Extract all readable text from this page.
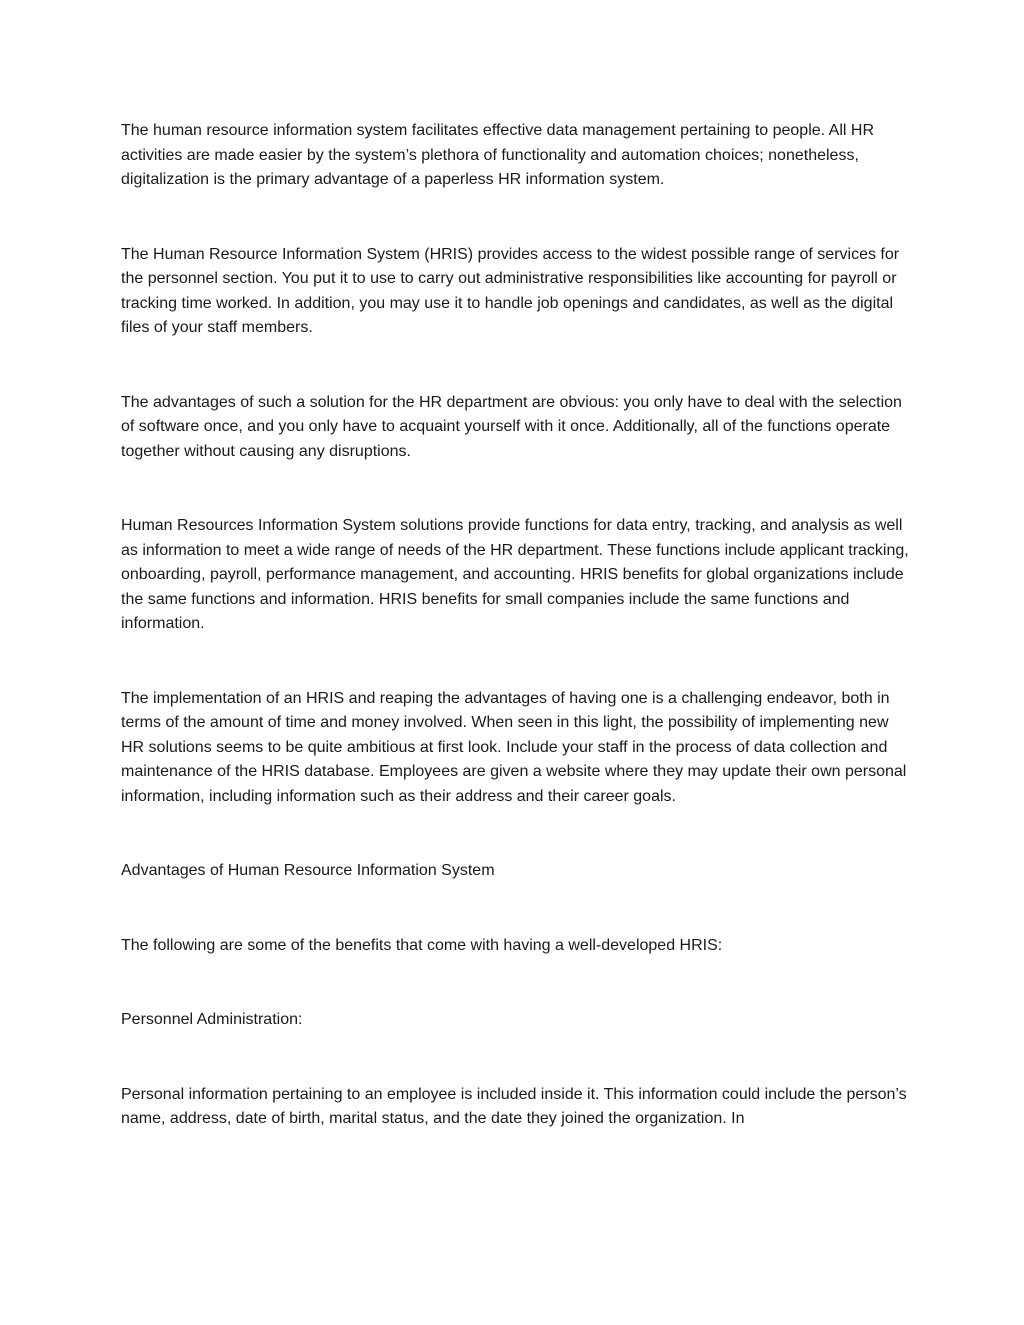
The human resource information system facilitates effective data management pertaining to people. All HR activities are made easier by the system’s plethora of functionality and automation choices; nonetheless, digitalization is the primary advantage of a paperless HR information system.

The Human Resource Information System (HRIS) provides access to the widest possible range of services for the personnel section. You put it to use to carry out administrative responsibilities like accounting for payroll or tracking time worked. In addition, you may use it to handle job openings and candidates, as well as the digital files of your staff members.

The advantages of such a solution for the HR department are obvious: you only have to deal with the selection of software once, and you only have to acquaint yourself with it once. Additionally, all of the functions operate together without causing any disruptions.

Human Resources Information System solutions provide functions for data entry, tracking, and analysis as well as information to meet a wide range of needs of the HR department. These functions include applicant tracking, onboarding, payroll, performance management, and accounting. HRIS benefits for global organizations include the same functions and information. HRIS benefits for small companies include the same functions and information.

The implementation of an HRIS and reaping the advantages of having one is a challenging endeavor, both in terms of the amount of time and money involved. When seen in this light, the possibility of implementing new HR solutions seems to be quite ambitious at first look. Include your staff in the process of data collection and maintenance of the HRIS database. Employees are given a website where they may update their own personal information, including information such as their address and their career goals.

Advantages of Human Resource Information System

The following are some of the benefits that come with having a well-developed HRIS:

Personnel Administration:

Personal information pertaining to an employee is included inside it. This information could include the person’s name, address, date of birth, marital status, and the date they joined the organization. In
